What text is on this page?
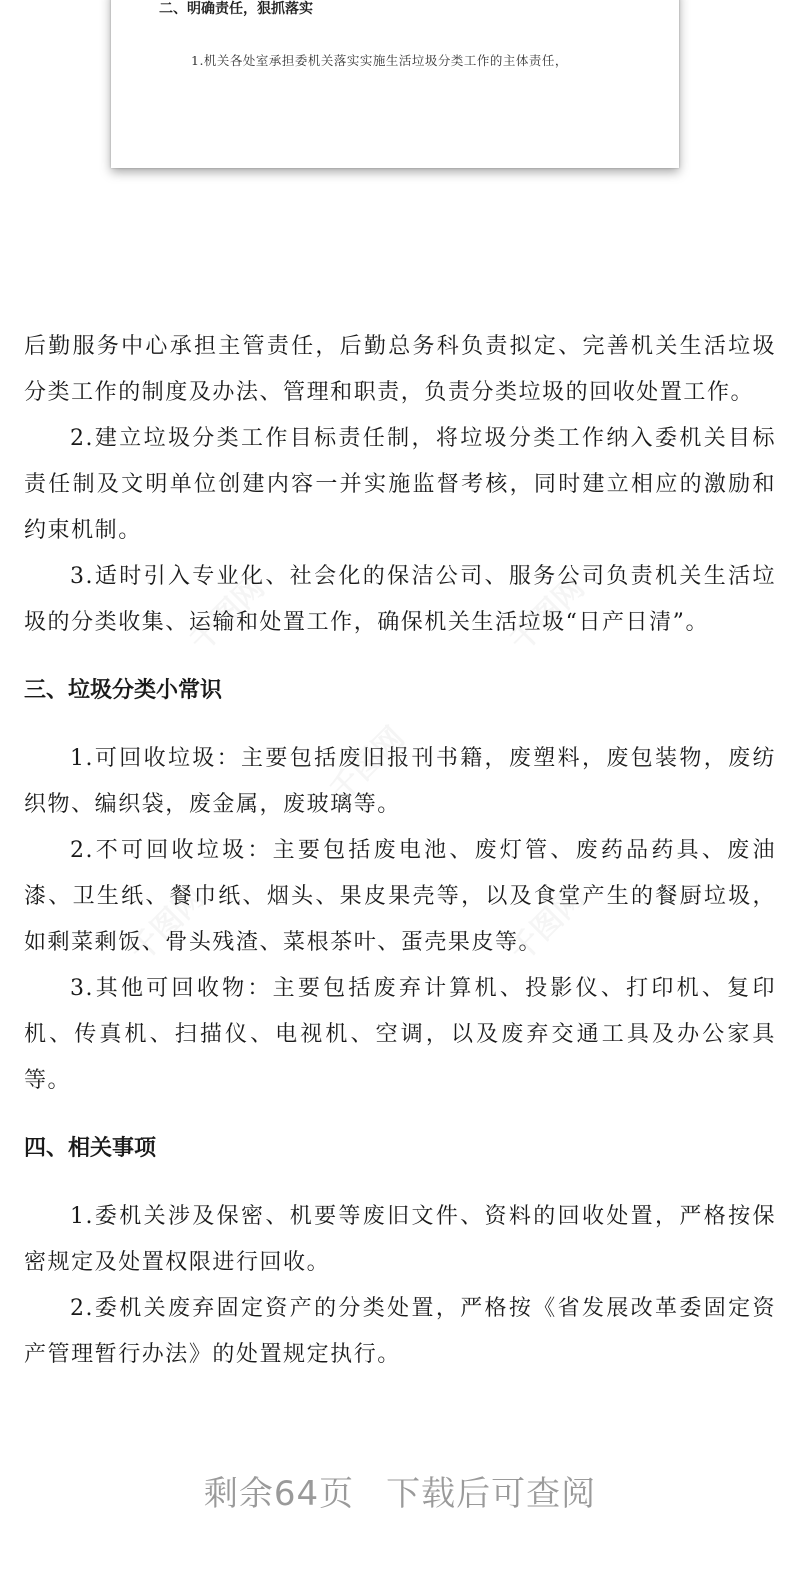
二、明确责任，狠抓落实
1.机关各处室承担委机关落实实施生活垃圾分类工作的主体责任，
千图网	千图网
千图网
千图网	千图网

后勤服务中心承担主管责任，后勤总务科负责拟定、完善机关生活垃圾分类工作的制度及办法、管理和职责，负责分类垃圾的回收处置工作。

2.建立垃圾分类工作目标责任制，将垃圾分类工作纳入委机关目标责任制及文明单位创建内容一并实施监督考核，同时建立相应的激励和约束机制。

3.适时引入专业化、社会化的保洁公司、服务公司负责机关生活垃圾的分类收集、运输和处置工作，确保机关生活垃圾“日产日清”。

三、垃圾分类小常识

1.可回收垃圾：主要包括废旧报刊书籍，废塑料，废包装物，废纺织物、编织袋，废金属，废玻璃等。

2.不可回收垃圾：主要包括废电池、废灯管、废药品药具、废油漆、卫生纸、餐巾纸、烟头、果皮果壳等，以及食堂产生的餐厨垃圾，如剩菜剩饭、骨头残渣、菜根茶叶、蛋壳果皮等。

3.其他可回收物：主要包括废弃计算机、投影仪、打印机、复印机、传真机、扫描仪、电视机、空调，以及废弃交通工具及办公家具等。

四、相关事项

1.委机关涉及保密、机要等废旧文件、资料的回收处置，严格按保密规定及处置权限进行回收。

2.委机关废弃固定资产的分类处置，严格按《省发展改革委固定资产管理暂行办法》的处置规定执行。

剩余64页 下载后可查阅
